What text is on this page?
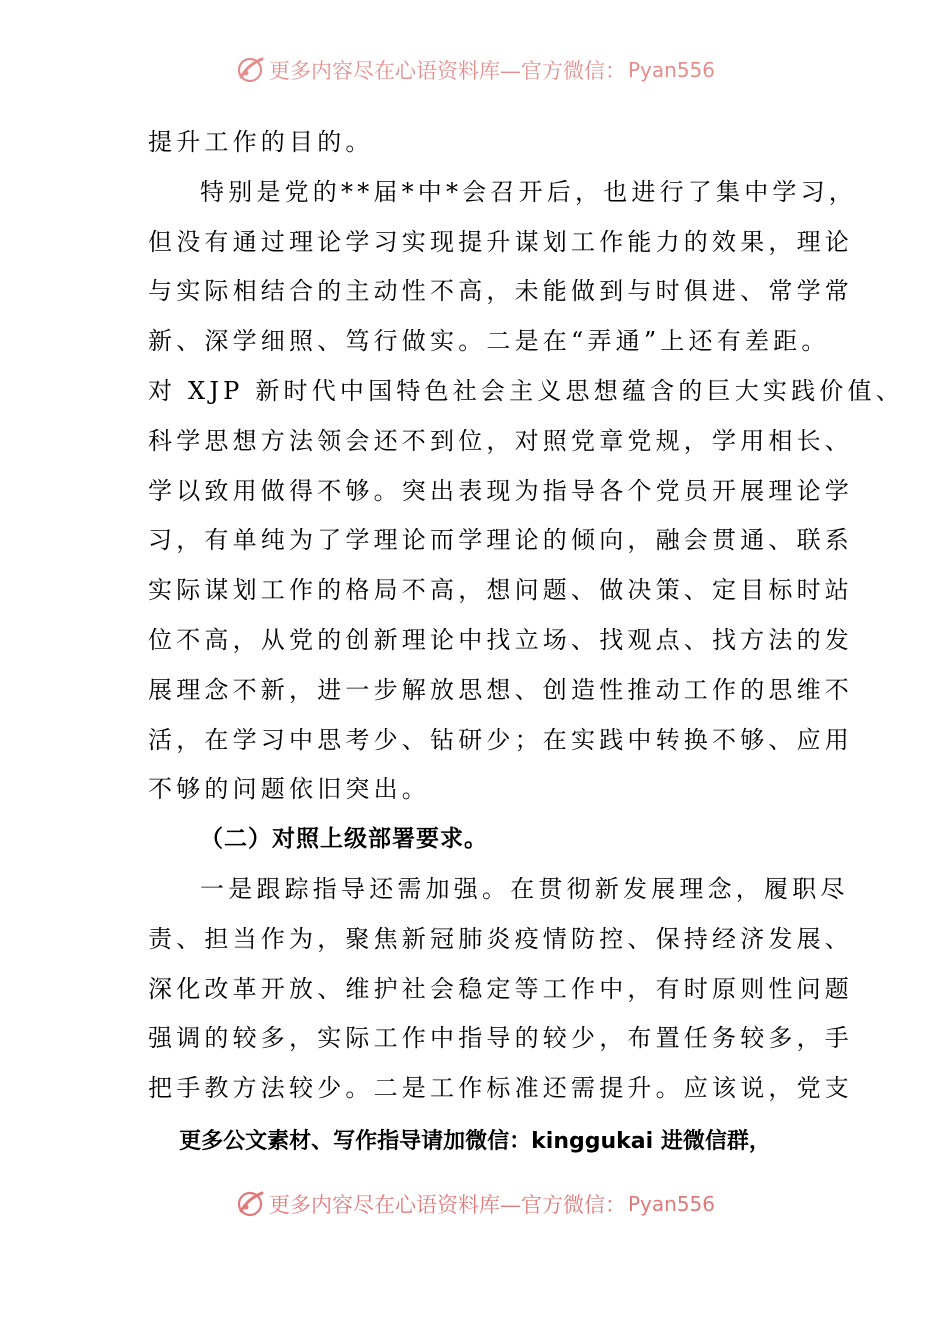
更多内容尽在心语资料库—官方微信： Pyan556
提升工作的目的。
特别是党的**届*中*会召开后，也进行了集中学习，
但没有通过理论学习实现提升谋划工作能力的效果，理论
与实际相结合的主动性不高，未能做到与时俱进、常学常
新、深学细照、笃行做实。二是在“弄通”上还有差距。
对 XJP 新时代中国特色社会主义思想蕴含的巨大实践价值、
科学思想方法领会还不到位，对照党章党规，学用相长、
学以致用做得不够。突出表现为指导各个党员开展理论学
习，有单纯为了学理论而学理论的倾向，融会贯通、联系
实际谋划工作的格局不高，想问题、做决策、定目标时站
位不高，从党的创新理论中找立场、找观点、找方法的发
展理念不新，进一步解放思想、创造性推动工作的思维不
活，在学习中思考少、钻研少；在实践中转换不够、应用
不够的问题依旧突出。
（二）对照上级部署要求。
一是跟踪指导还需加强。在贯彻新发展理念，履职尽
责、担当作为，聚焦新冠肺炎疫情防控、保持经济发展、
深化改革开放、维护社会稳定等工作中，有时原则性问题
强调的较多，实际工作中指导的较少，布置任务较多，手
把手教方法较少。二是工作标准还需提升。应该说，党支
更多公文素材、写作指导请加微信：kinggukai 进微信群，
更多内容尽在心语资料库—官方微信： Pyan556
